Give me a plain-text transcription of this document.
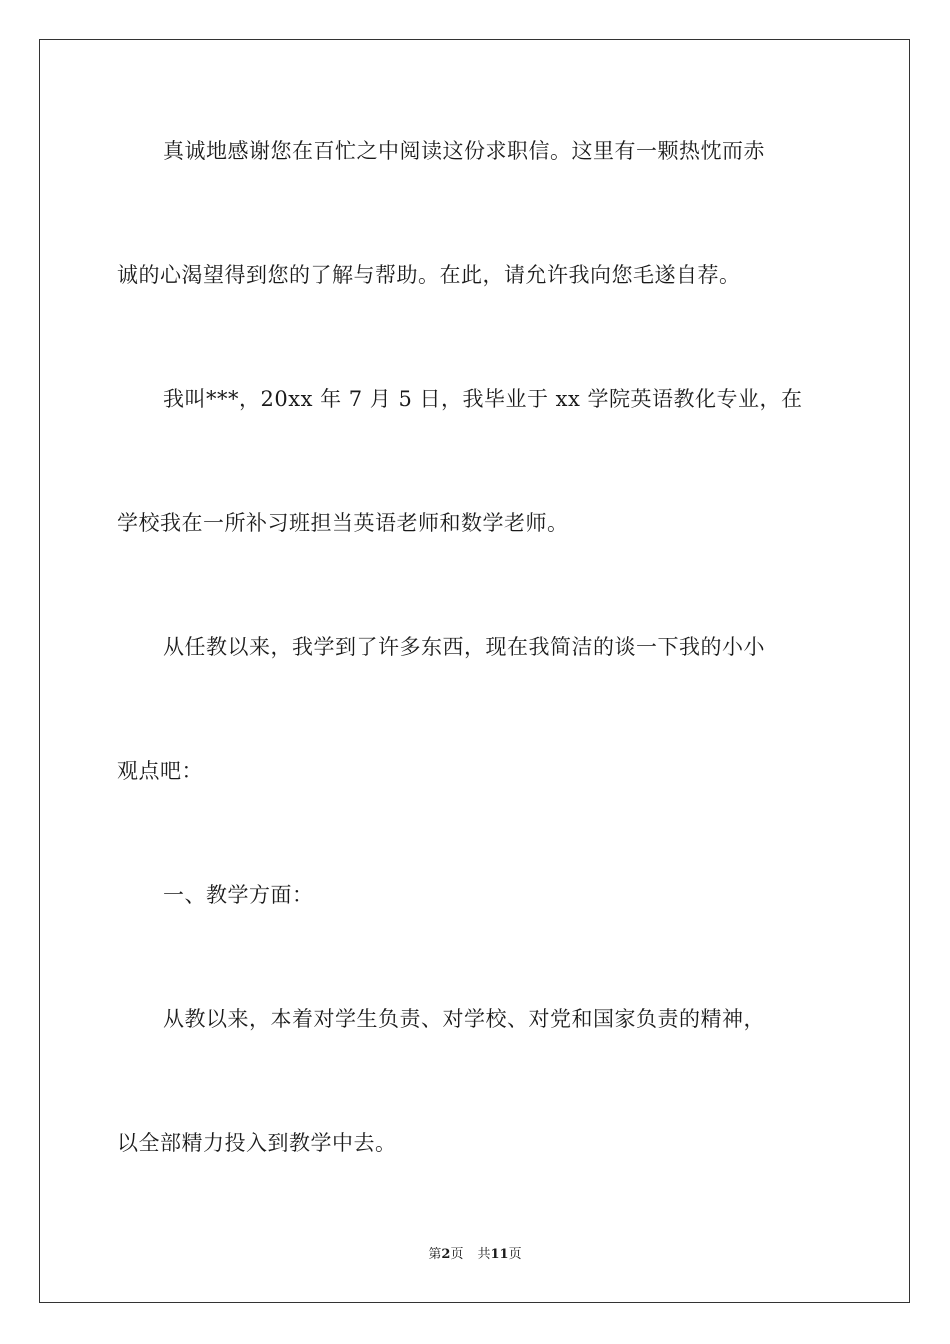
真诚地感谢您在百忙之中阅读这份求职信。这里有一颗热忱而赤
诚的心渴望得到您的了解与帮助。在此，请允许我向您毛遂自荐。
我叫***，20xx 年 7 月 5 日，我毕业于 xx 学院英语教化专业，在
学校我在一所补习班担当英语老师和数学老师。
从任教以来，我学到了许多东西，现在我简洁的谈一下我的小小
观点吧：
一、教学方面：
从教以来，本着对学生负责、对学校、对党和国家负责的精神，
以全部精力投入到教学中去。
第2页 共11页
